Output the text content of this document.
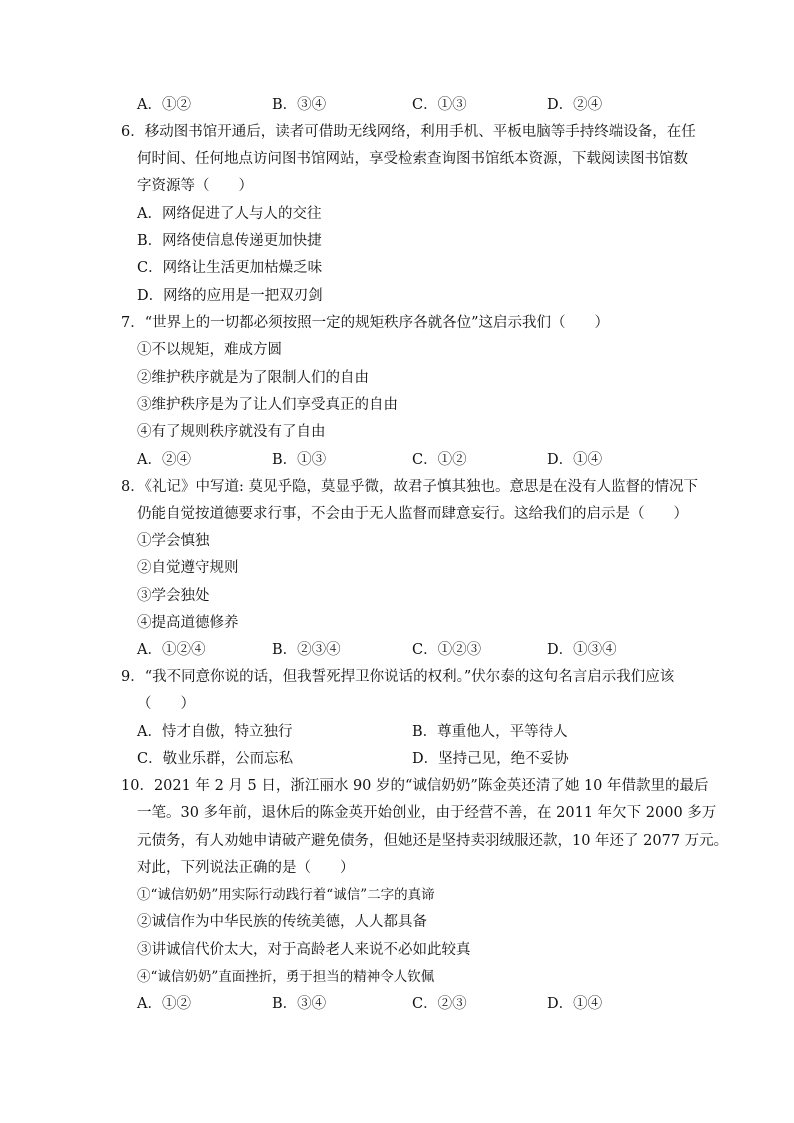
A．①②	B．③④	C．①③	D．②④
6．移动图书馆开通后，读者可借助无线网络，利用手机、平板电脑等手持终端设备，在任
何时间、任何地点访问图书馆网站，享受检索查询图书馆纸本资源，下载阅读图书馆数
字资源等（　　）
A．网络促进了人与人的交往
B．网络使信息传递更加快捷
C．网络让生活更加枯燥乏味
D．网络的应用是一把双刃剑
7．“世界上的一切都必须按照一定的规矩秩序各就各位”这启示我们（　　）
①不以规矩，难成方圆
②维护秩序就是为了限制人们的自由
③维护秩序是为了让人们享受真正的自由
④有了规则秩序就没有了自由
A．②④	B．①③	C．①②	D．①④
8．《礼记》中写道: 莫见乎隐，莫显乎微，故君子慎其独也。意思是在没有人监督的情况下
仍能自觉按道德要求行事，不会由于无人监督而肆意妄行。这给我们的启示是（　　）
①学会慎独
②自觉遵守规则
③学会独处
④提高道德修养
A．①②④	B．②③④	C．①②③	D．①③④
9．“我不同意你说的话，但我誓死捍卫你说话的权利。”伏尔泰的这句名言启示我们应该
（　　）
A．恃才自傲，特立独行	B．尊重他人，平等待人
C．敬业乐群，公而忘私	D．坚持己见，绝不妥协
10．2021 年 2 月 5 日，浙江丽水 90 岁的“诚信奶奶”陈金英还清了她 10 年借款里的最后
一笔。30 多年前，退休后的陈金英开始创业，由于经营不善，在 2011 年欠下 2000 多万
元债务，有人劝她申请破产避免债务，但她还是坚持卖羽绒服还款，10 年还了 2077 万元。
对此，下列说法正确的是（　　）
①“诚信奶奶”用实际行动践行着“诚信”二字的真谛
②诚信作为中华民族的传统美德，人人都具备
③讲诚信代价太大，对于高龄老人来说不必如此较真
④“诚信奶奶”直面挫折，勇于担当的精神令人钦佩
A．①②	B．③④	C．②③	D．①④
